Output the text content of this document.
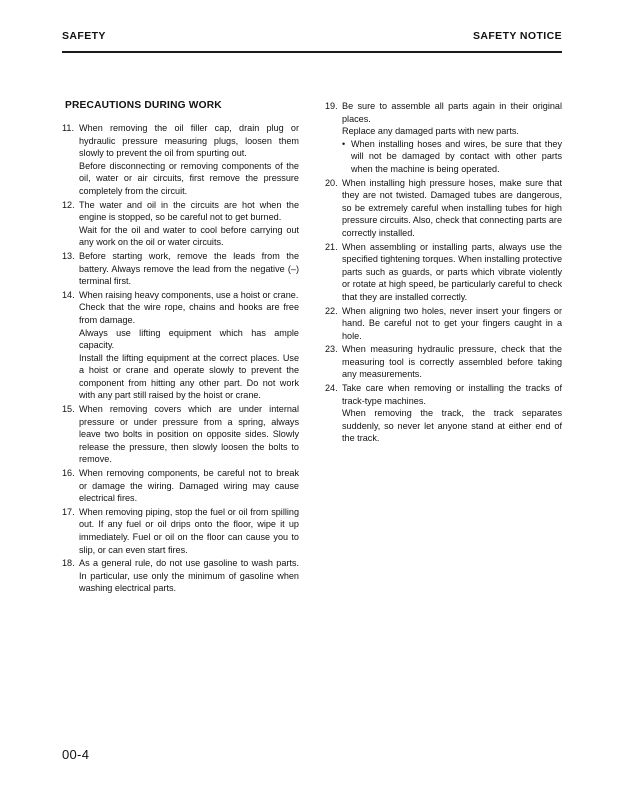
SAFETY	SAFETY NOTICE
PRECAUTIONS DURING WORK
11. When removing the oil filler cap, drain plug or hydraulic pressure measuring plugs, loosen them slowly to prevent the oil from spurting out.

Before disconnecting or removing components of the oil, water or air circuits, first remove the pressure completely from the circuit.

12. The water and oil in the circuits are hot when the engine is stopped, so be careful not to get burned.

Wait for the oil and water to cool before carrying out any work on the oil or water circuits.

13. Before starting work, remove the leads from the battery. Always remove the lead from the negative (–) terminal first.

14. When raising heavy components, use a hoist or crane.

Check that the wire rope, chains and hooks are free from damage.

Always use lifting equipment which has ample capacity.

Install the lifting equipment at the correct places. Use a hoist or crane and operate slowly to prevent the component from hitting any other part. Do not work with any part still raised by the hoist or crane.

15. When removing covers which are under internal pressure or under pressure from a spring, always leave two bolts in position on opposite sides. Slowly release the pressure, then slowly loosen the bolts to remove.

16. When removing components, be careful not to break or damage the wiring. Damaged wiring may cause electrical fires.

17. When removing piping, stop the fuel or oil from spilling out. If any fuel or oil drips onto the floor, wipe it up immediately. Fuel or oil on the floor can cause you to slip, or can even start fires.

18. As a general rule, do not use gasoline to wash parts. In particular, use only the minimum of gasoline when washing electrical parts.

19. Be sure to assemble all parts again in their original places.

Replace any damaged parts with new parts.

• When installing hoses and wires, be sure that they will not be damaged by contact with other parts when the machine is being operated.
20. When installing high pressure hoses, make sure that they are not twisted. Damaged tubes are dangerous, so be extremely careful when installing tubes for high pressure circuits. Also, check that connecting parts are correctly installed.

21. When assembling or installing parts, always use the specified tightening torques. When installing protective parts such as guards, or parts which vibrate violently or rotate at high speed, be particularly careful to check that they are installed correctly.

22. When aligning two holes, never insert your fingers or hand. Be careful not to get your fingers caught in a hole.

23. When measuring hydraulic pressure, check that the measuring tool is correctly assembled before taking any measurements.

24. Take care when removing or installing the tracks of track-type machines.

When removing the track, the track separates suddenly, so never let anyone stand at either end of the track.

00-4
